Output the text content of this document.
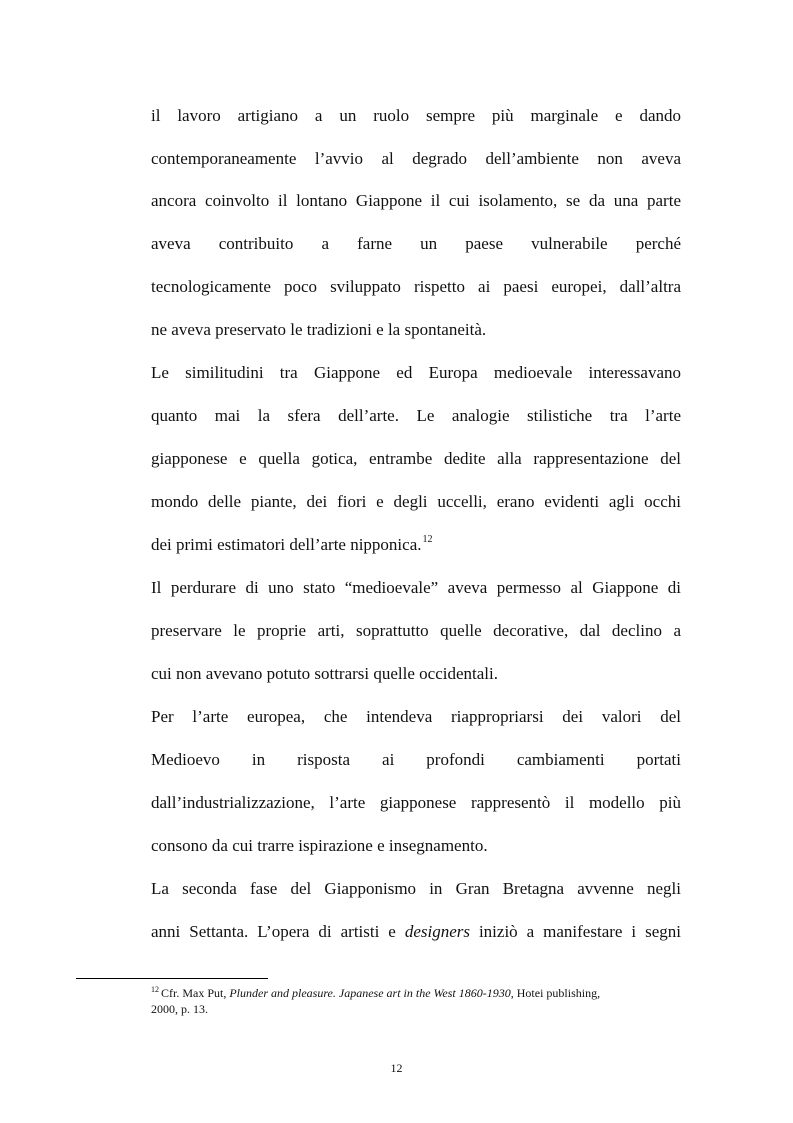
il lavoro artigiano a un ruolo sempre più marginale e dando

contemporaneamente l’avvio al degrado dell’ambiente non aveva

ancora coinvolto il lontano Giappone il cui isolamento, se da una parte

aveva contribuito a farne un paese vulnerabile perché

tecnologicamente poco sviluppato rispetto ai paesi europei, dall’altra

ne aveva preservato le tradizioni e la spontaneità.

Le similitudini tra Giappone ed Europa medioevale interessavano

quanto mai la sfera dell’arte. Le analogie stilistiche tra l’arte

giapponese e quella gotica, entrambe dedite alla rappresentazione del

mondo delle piante, dei fiori e degli uccelli, erano evidenti agli occhi

dei primi estimatori dell’arte nipponica.$^{12}$

Il perdurare di uno stato “medioevale” aveva permesso al Giappone di

preservare le proprie arti, soprattutto quelle decorative, dal declino a

cui non avevano potuto sottrarsi quelle occidentali.

Per l’arte europea, che intendeva riappropriarsi dei valori del

Medioevo in risposta ai profondi cambiamenti portati

dall’industrializzazione, l’arte giapponese rappresentò il modello più

consono da cui trarre ispirazione e insegnamento.

La seconda fase del Giapponismo in Gran Bretagna avvenne negli

anni Settanta. L’opera di artisti e designers iniziò a manifestare i segni

$^{12}$ Cfr. Max Put, Plunder and pleasure. Japanese art in the West 1860-1930, Hotei publishing,

2000, p. 13.

12
